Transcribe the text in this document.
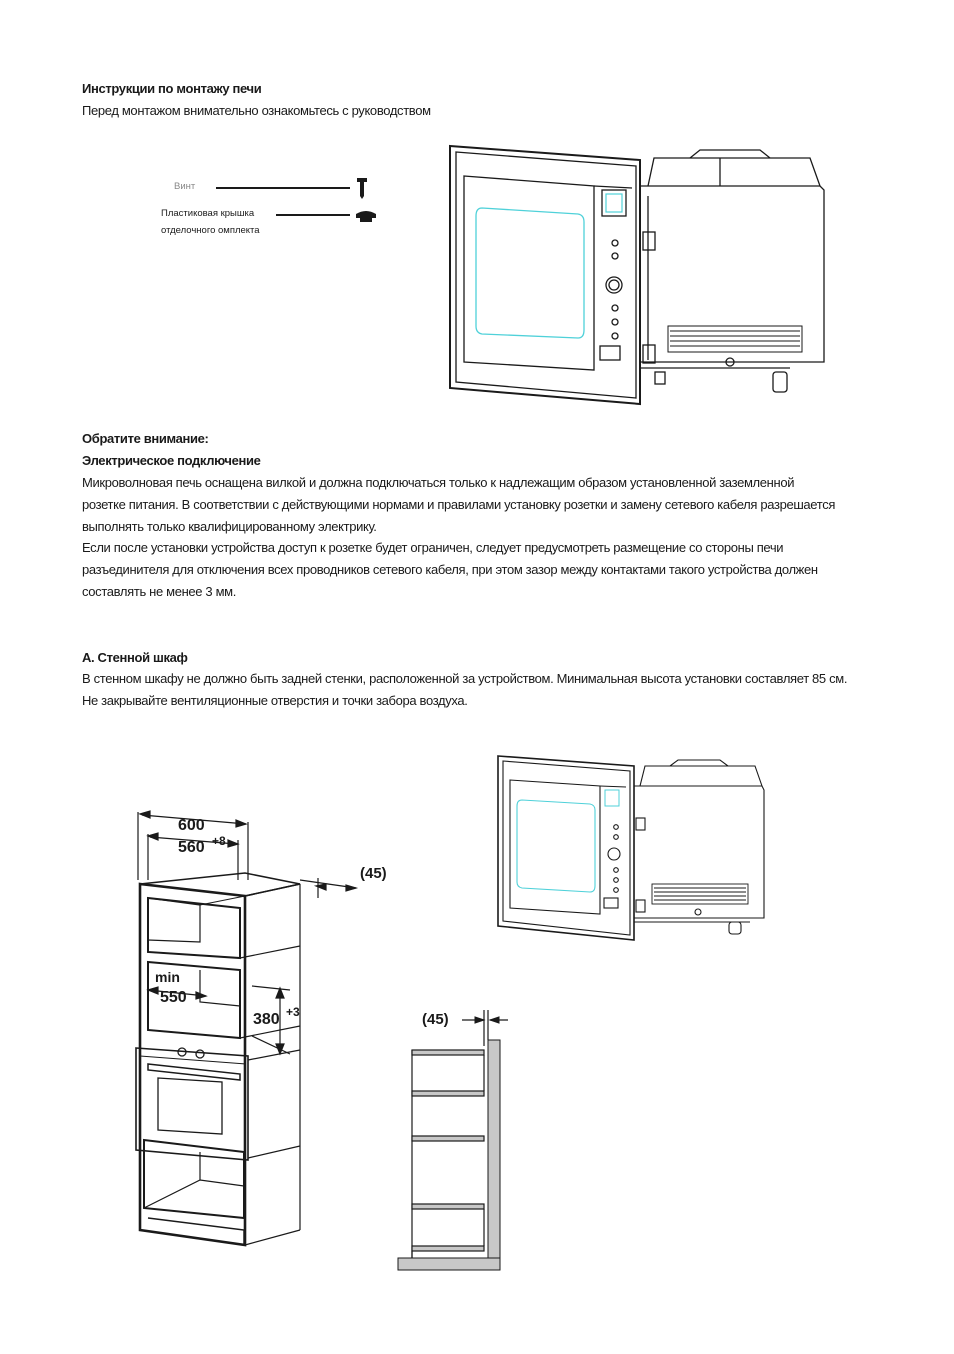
Инструкции по монтажу печи
Перед монтажом внимательно ознакомьтесь с руководством
Обратите внимание:
Электрическое подключение
Микроволновая печь оснащена вилкой и должна подключаться только к надлежащим образом установленной заземленной
розетке питания. В соответствии с действующими нормами и правилами установку розетки и замену сетевого кабеля разрешается
выполнять только квалифицированному электрику.
Если после установки устройства доступ к розетке будет ограничен, следует предусмотреть размещение со стороны печи
разъединителя для отключения всех проводников сетевого кабеля, при этом зазор между контактами такого устройства должен
составлять не менее 3 мм.
A. Стенной шкаф
В стенном шкафу не должно быть задней стенки, расположенной за устройством. Минимальная высота установки составляет 85 см.
Не закрывайте вентиляционные отверстия и точки забора воздуха.
Винт
Пластиковая крышка
отделочного омплекта
600
560 +8
(45)
min
550
380 +3	(45)
